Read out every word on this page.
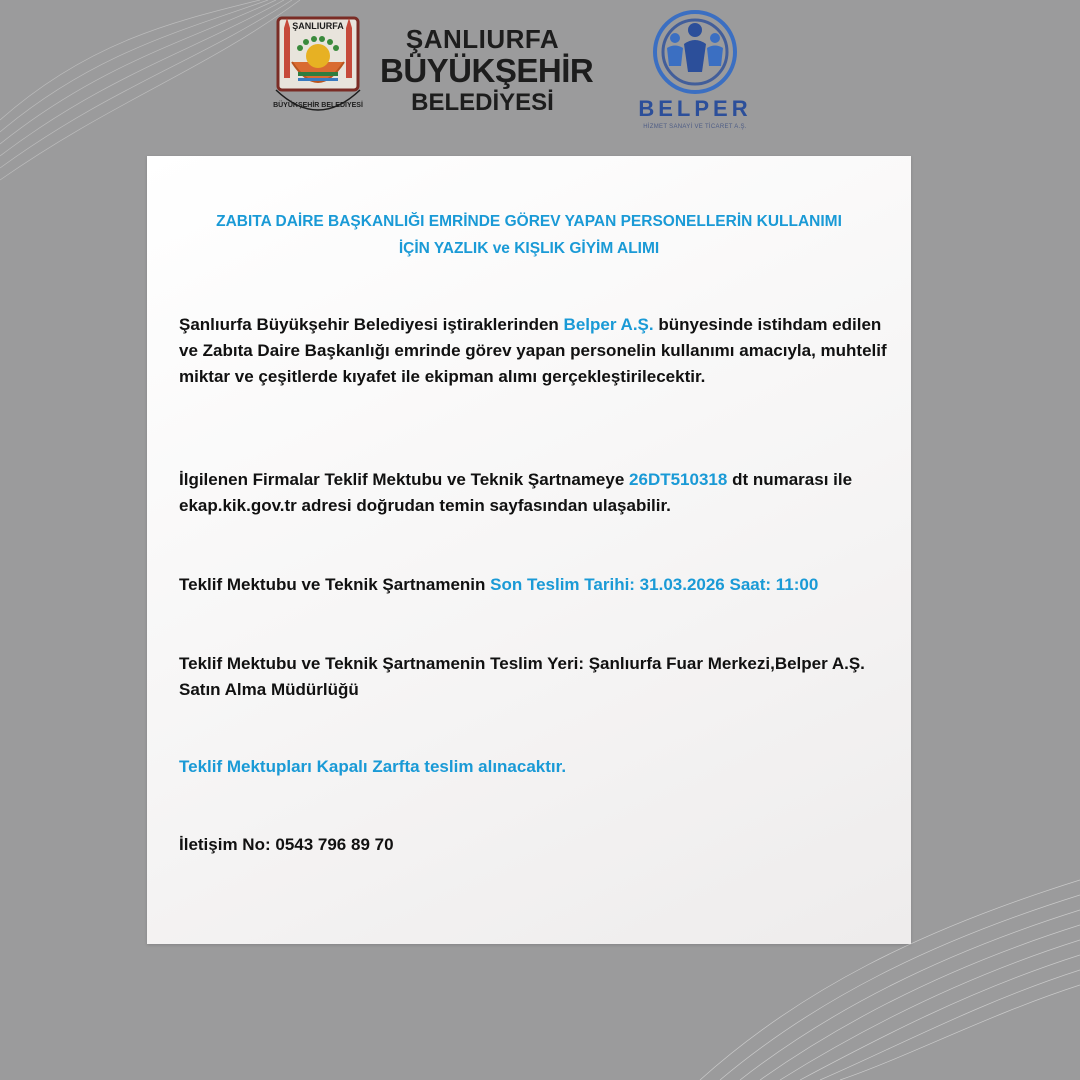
ŞANLIURFA
BÜYÜKŞEHİR BELEDİYESİ
ŞANLIURFA
BÜYÜKŞEHİR
BELEDİYESİ	BELPER
HİZMET SANAYİ VE TİCARET A.Ş.
ZABITA DAİRE BAŞKANLIĞI EMRİNDE GÖREV YAPAN PERSONELLERİN KULLANIMI
İÇİN YAZLIK ve KIŞLIK GİYİM ALIMI
Şanlıurfa Büyükşehir Belediyesi iştiraklerinden Belper A.Ş. bünyesinde istihdam edilen ve Zabıta Daire Başkanlığı emrinde görev yapan personelin kullanımı amacıyla, muhtelif miktar ve çeşitlerde kıyafet ile ekipman alımı gerçekleştirilecektir.
İlgilenen Firmalar Teklif Mektubu ve Teknik Şartnameye 26DT510318 dt numarası ile ekap.kik.gov.tr adresi doğrudan temin sayfasından ulaşabilir.
Teklif Mektubu ve Teknik Şartnamenin Son Teslim Tarihi: 31.03.2026 Saat: 11:00
Teklif Mektubu ve Teknik Şartnamenin Teslim Yeri: Şanlıurfa Fuar Merkezi,Belper A.Ş. Satın Alma Müdürlüğü
Teklif Mektupları Kapalı Zarfta teslim alınacaktır.
İletişim No: 0543 796 89 70
